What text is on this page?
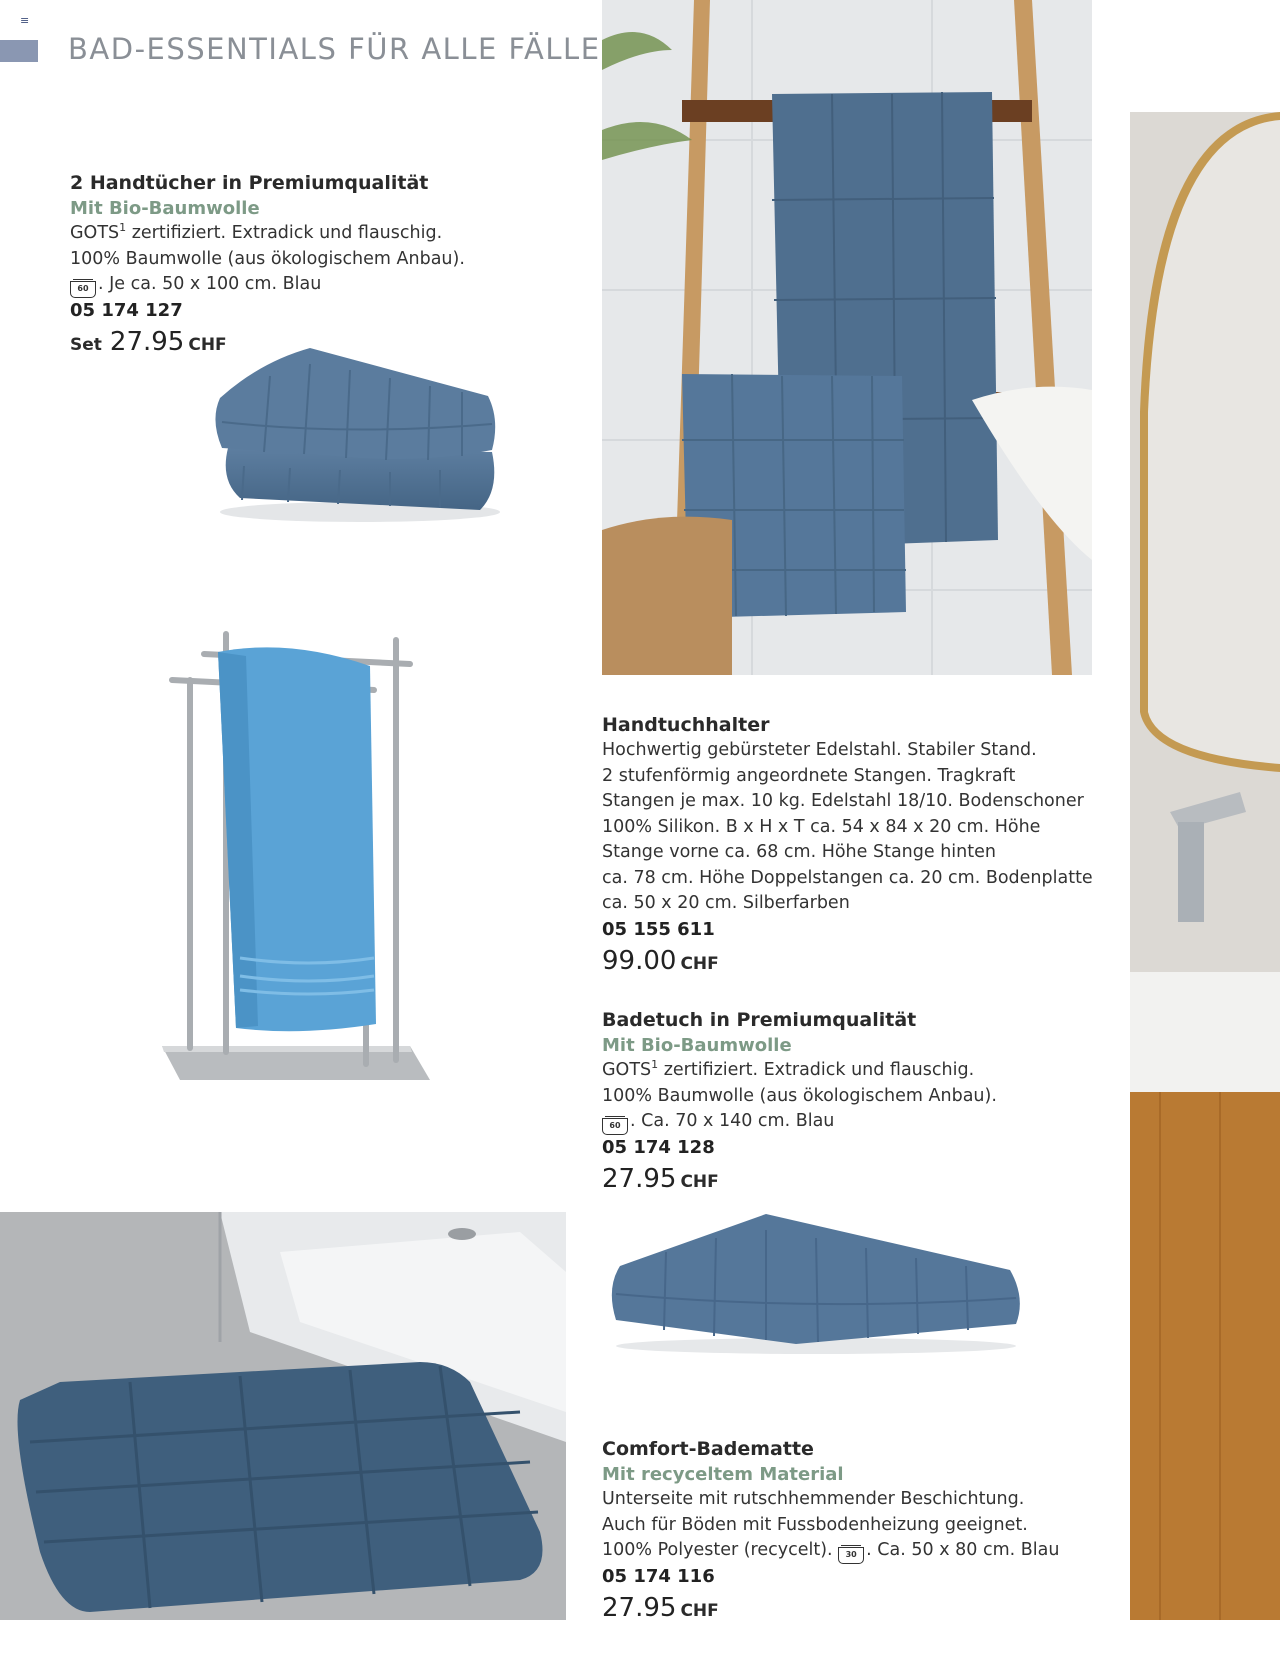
≡
BAD-ESSENTIALS FÜR ALLE FÄLLE
2 Handtücher in Premiumqualität
Mit Bio-Baumwolle
GOTS$^1$ zertifiziert. Extradick und flauschig.
100% Baumwolle (aus ökologischem Anbau).
60 . Je ca. 50 x 100 cm. Blau
05 174 127
Set 27.95 CHF
Handtuchhalter
Hochwertig gebürsteter Edelstahl. Stabiler Stand.
2 stufenförmig angeordnete Stangen. Tragkraft
Stangen je max. 10 kg. Edelstahl 18/10. Bodenschoner
100% Silikon. B x H x T ca. 54 x 84 x 20 cm. Höhe
Stange vorne ca. 68 cm. Höhe Stange hinten
ca. 78 cm. Höhe Doppelstangen ca. 20 cm. Bodenplatte
ca. 50 x 20 cm. Silberfarben
05 155 611
99.00 CHF
Badetuch in Premiumqualität
Mit Bio-Baumwolle
GOTS$^1$ zertifiziert. Extradick und flauschig.
100% Baumwolle (aus ökologischem Anbau).
60 . Ca. 70 x 140 cm. Blau
05 174 128
27.95 CHF
Comfort-Badematte
Mit recyceltem Material
Unterseite mit rutschhemmender Beschichtung.
Auch für Böden mit Fussbodenheizung geeignet.
100% Polyester (recycelt). 30 . Ca. 50 x 80 cm. Blau
05 174 116
27.95 CHF
